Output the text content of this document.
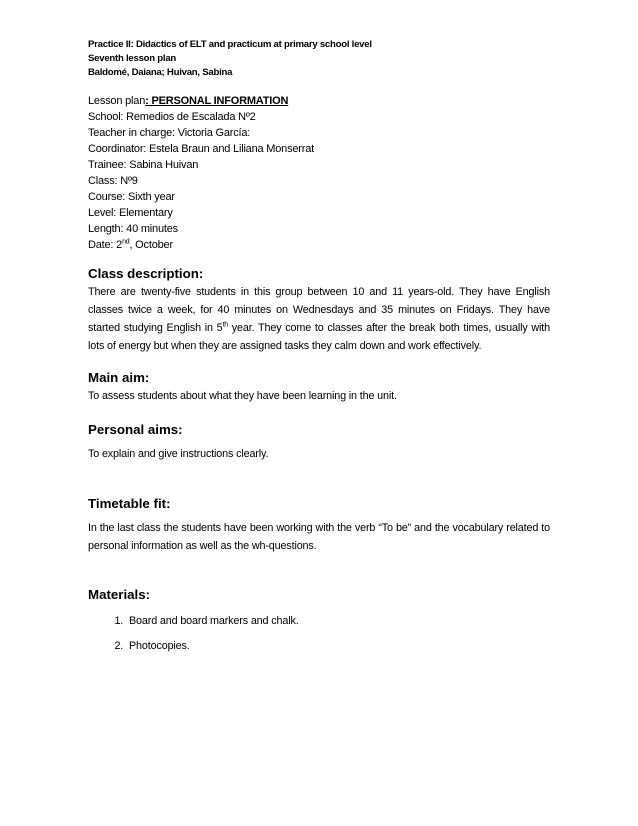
Practice II: Didactics of ELT and practicum at primary school level
Seventh lesson plan
Baldomé, Daiana; Huivan, Sabina
Lesson plan: PERSONAL INFORMATION
School: Remedios de Escalada Nº2
Teacher in charge: Victoria García:
Coordinator: Estela Braun and Liliana Monserrat
Trainee: Sabina Huivan
Class: Nº9
Course: Sixth year
Level: Elementary
Length: 40 minutes
Date: 2nd, October
Class description:
There are twenty-five students in this group between 10 and 11 years-old. They have English classes twice a week, for 40 minutes on Wednesdays and 35 minutes on Fridays. They have started studying English in 5th year. They come to classes after the break both times, usually with lots of energy but when they are assigned tasks they calm down and work effectively.
Main aim:
To assess students about what they have been learning in the unit.
Personal aims:
To explain and give instructions clearly.
Timetable fit:
In the last class the students have been working with the verb “To be” and the vocabulary related to personal information as well as the wh-questions.
Materials:
1. Board and board markers and chalk.
2. Photocopies.
